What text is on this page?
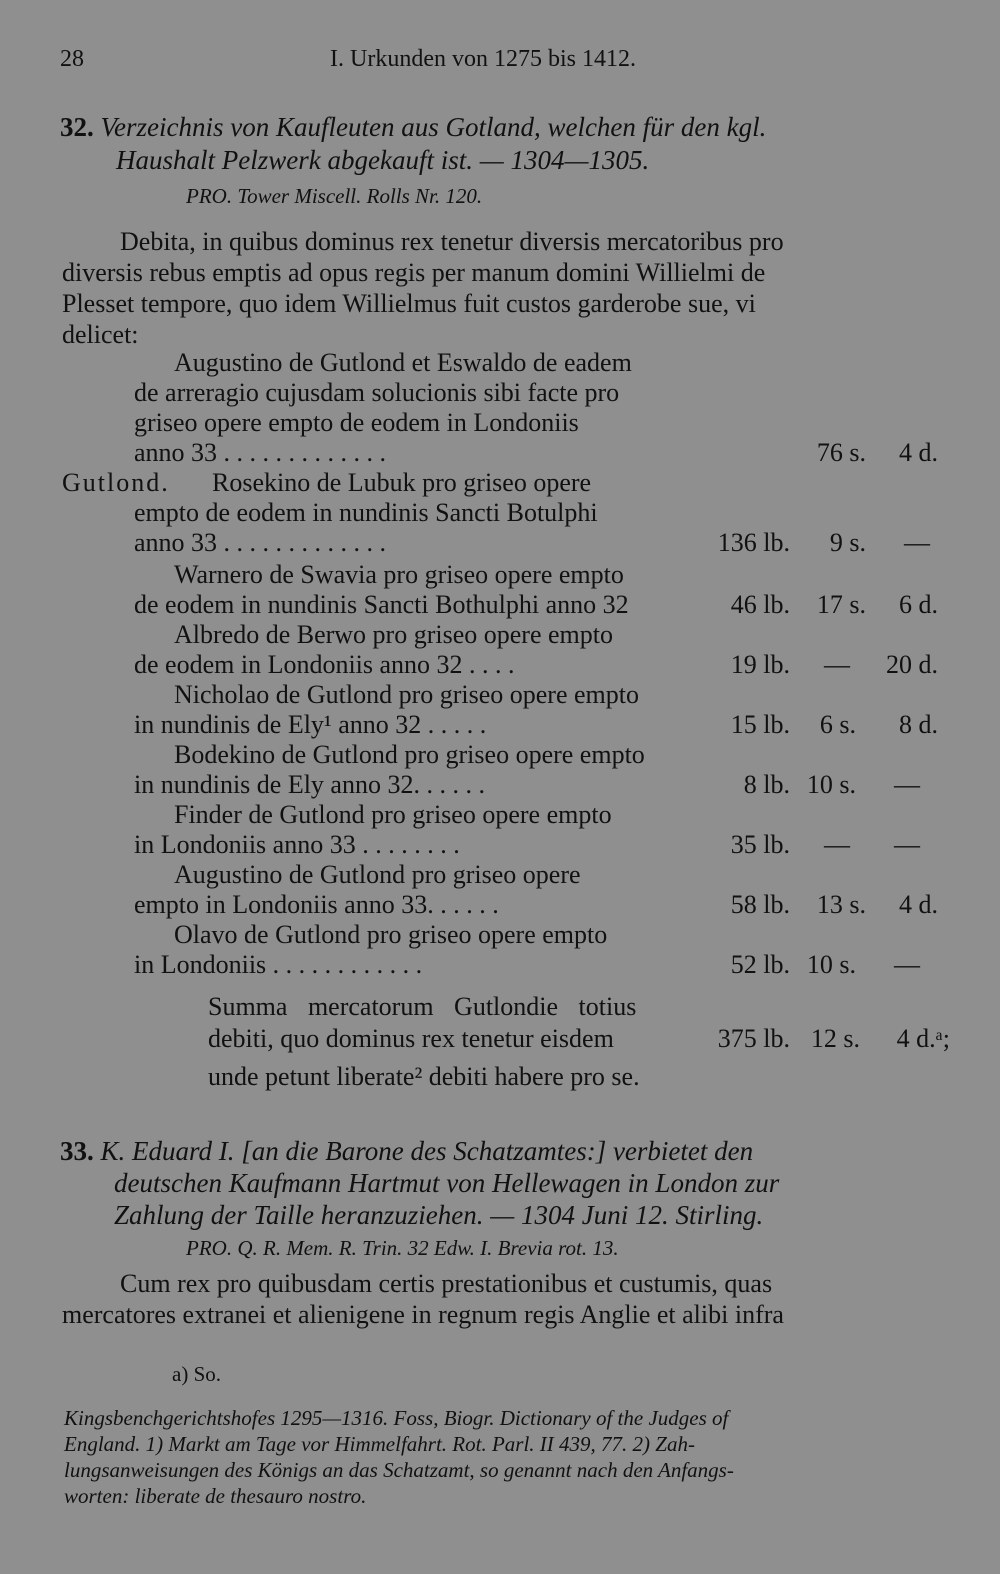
28	I. Urkunden von 1275 bis 1412.
32. Verzeichnis von Kaufleuten aus Gotland, welchen für den kgl.
Haushalt Pelzwerk abgekauft ist. — 1304—1305.
PRO. Tower Miscell. Rolls Nr. 120.
Debita, in quibus dominus rex tenetur diversis mercatoribus pro
diversis rebus emptis ad opus regis per manum domini Willielmi de
Plesset tempore, quo idem Willielmus fuit custos garderobe sue, vi
delicet:
Augustino de Gutlond et Eswaldo de eadem
de arreragio cujusdam solucionis sibi facte pro
griseo opere empto de eodem in Londoniis
anno 33 . . . . . . . . . . . . .	76 s.	4 d.
Gutlond. Rosekino de Lubuk pro griseo opere
empto de eodem in nundinis Sancti Botulphi
anno 33 . . . . . . . . . . . . .	136 lb.	9 s.	—
Warnero de Swavia pro griseo opere empto
de eodem in nundinis Sancti Bothulphi anno 32	46 lb.	17 s.	6 d.
Albredo de Berwo pro griseo opere empto
de eodem in Londoniis anno 32 . . . .	19 lb.	—	20 d.
Nicholao de Gutlond pro griseo opere empto
in nundinis de Ely¹ anno 32 . . . . .	15 lb.	6 s.	8 d.
Bodekino de Gutlond pro griseo opere empto
in nundinis de Ely anno 32. . . . . .	8 lb. 10 s.	—
Finder de Gutlond pro griseo opere empto
in Londoniis anno 33 . . . . . . . .	35 lb.	—	—
Augustino de Gutlond pro griseo opere
empto in Londoniis anno 33. . . . . .	58 lb.	13 s.	4 d.
Olavo de Gutlond pro griseo opere empto
in Londoniis . . . . . . . . . . . .	52 lb. 10 s.	—
Summa mercatorum Gutlondie totius
debiti, quo dominus rex tenetur eisdem	375 lb. 12 s.	4 d.ᵃ;
unde petunt liberate² debiti habere pro se.
33. K. Eduard I. [an die Barone des Schatzamtes:] verbietet den
deutschen Kaufmann Hartmut von Hellewagen in London zur
Zahlung der Taille heranzuziehen. — 1304 Juni 12. Stirling.
PRO. Q. R. Mem. R. Trin. 32 Edw. I. Brevia rot. 13.
Cum rex pro quibusdam certis prestationibus et custumis, quas
mercatores extranei et alienigene in regnum regis Anglie et alibi infra
a) So.
Kingsbenchgerichtshofes 1295—1316. Foss, Biogr. Dictionary of the Judges of
England. 1) Markt am Tage vor Himmelfahrt. Rot. Parl. II 439, 77. 2) Zah-
lungsanweisungen des Königs an das Schatzamt, so genannt nach den Anfangs-
worten: liberate de thesauro nostro.
